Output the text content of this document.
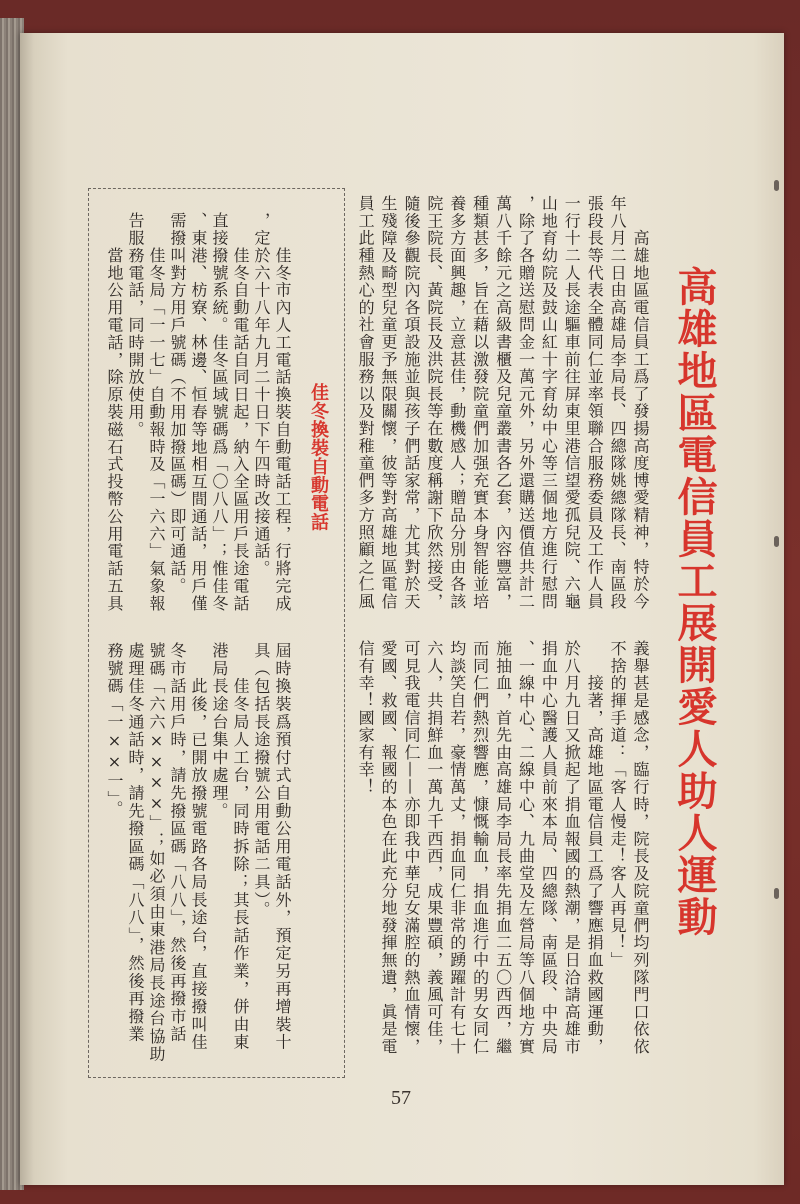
高雄地區電信員工展開愛人助人運動
　　高雄地區電信員工爲了發揚高度博愛精神，特於今
年八月二日由高雄局李局長、四總隊姚總隊長、南區段
張段長等代表全體同仁並率領聯合服務委員及工作人員
一行十二人長途驅車前往屏東里港信望愛孤兒院、六龜
山地育幼院及鼓山紅十字育幼中心等三個地方進行慰問
，除了各贈送慰問金一萬元外，另外還購送價值共計二
萬八千餘元之高級書櫃及兒童叢書各乙套，內容豐富，
種類甚多，旨在藉以激發院童們加强充實本身智能並培
養多方面興趣，立意甚佳，動機感人；贈品分別由各該
院王院長、黃院長及洪院長等在數度稱謝下欣然接受，
隨後參觀院內各項設施並與孩子們話家常，尤其對於天
生殘障及畸型兒童更予無限關懷，彼等對高雄地區電信
員工此種熱心的社會服務以及對稚童們多方照顧之仁風
義舉甚是感念，臨行時，院長及院童們均列隊門口依依
不捨的揮手道：「客人慢走！客人再見！」
　　接著，高雄地區電信員工爲了響應捐血救國運動，
於八月九日又掀起了捐血報國的熱潮，是日洽請高雄市
捐血中心醫護人員前來本局、四總隊、南區段、中央局
、一線中心、二線中心、九曲堂及左營局等八個地方實
施抽血，首先由高雄局李局長率先捐血二五〇西西，繼
而同仁們熱烈響應，慷慨輸血，捐血進行中的男女同仁
均談笑自若，豪情萬丈，捐血同仁非常的踴躍計有七十
六人，共捐鮮血一萬九千西西，成果豐碩，義風可佳，
可見我電信同仁——亦即我中華兒女滿腔的熱血情懷，
愛國、救國、報國的本色在此充分地發揮無遺，眞是電
信有幸！國家有幸！
佳冬換裝自動電話
　　佳冬市內人工電話換裝自動電話工程，行將完成
，定於六十八年九月二十日下午四時改接通話。
　　佳冬自動電話自同日起，納入全區用戶長途電話
直接撥號系統。佳冬區域號碼爲「〇八八」；惟佳冬
、東港、枋寮、林邊、恒春等地相互間通話，用戶僅
需撥叫對方用戶號碼（不用加撥區碼）即可通話。
　　佳冬局「一一七」自動報時及「一六六」氣象報
告服務電話，同時開放使用。
　　當地公用電話，除原裝磁石式投幣公用電話五具
屆時換裝爲預付式自動公用電話外，預定另再增裝十
具（包括長途撥號公用電話二具）。
　　佳冬局人工台，同時拆除；其長話作業，併由東
港局長途台集中處理。
　　此後，已開放撥號電路各局長途台，直接撥叫佳
冬市話用戶時，請先撥區碼「八八」，然後再撥市話
號碼「六六××××」；如必須由東港局長途台協助
處理佳冬通話時，請先撥區碼「八八」，然後再撥業
務號碼「一××一」。
57
